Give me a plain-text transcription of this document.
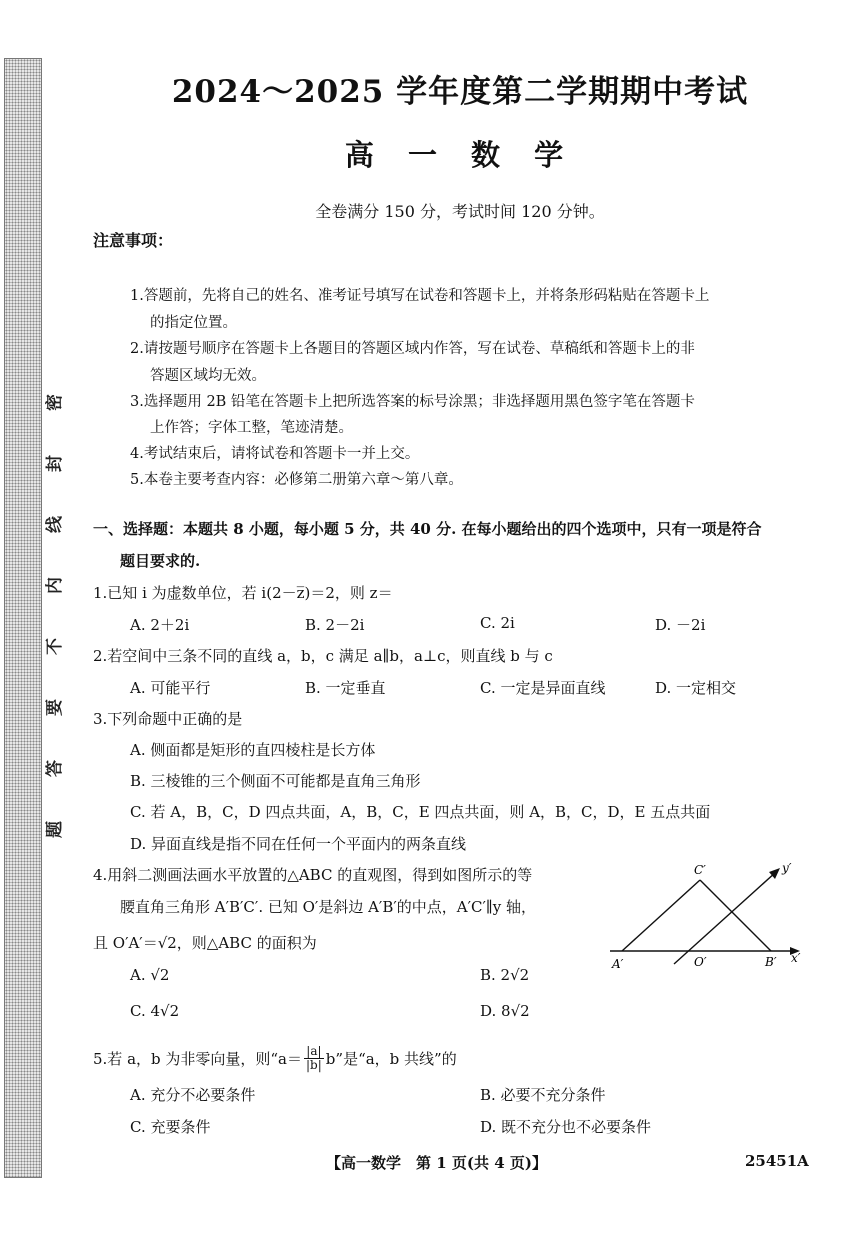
密
封
线
内
不
要
答
题
2024～2025 学年度第二学期期中考试
高 一 数 学
全卷满分 150 分，考试时间 120 分钟。
注意事项：
1.答题前，先将自己的姓名、准考证号填写在试卷和答题卡上，并将条形码粘贴在答题卡上
的指定位置。
2.请按题号顺序在答题卡上各题目的答题区域内作答，写在试卷、草稿纸和答题卡上的非
答题区域均无效。
3.选择题用 2B 铅笔在答题卡上把所选答案的标号涂黑；非选择题用黑色签字笔在答题卡
上作答；字体工整，笔迹清楚。
4.考试结束后，请将试卷和答题卡一并上交。
5.本卷主要考查内容：必修第二册第六章～第八章。
一、选择题：本题共 8 小题，每小题 5 分，共 40 分. 在每小题给出的四个选项中，只有一项是符合
题目要求的.
1.已知 i 为虚数单位，若 i(2－z̅)＝2，则 z＝
A. 2＋2i	B. 2－2i	C. 2i	D. －2i
2.若空间中三条不同的直线 a，b，c 满足 a∥b，a⊥c，则直线 b 与 c
A. 可能平行	B. 一定垂直	C. 一定是异面直线	D. 一定相交
3.下列命题中正确的是
A. 侧面都是矩形的直四棱柱是长方体
B. 三棱锥的三个侧面不可能都是直角三角形
C. 若 A，B，C，D 四点共面，A，B，C，E 四点共面，则 A，B，C，D，E 五点共面
D. 异面直线是指不同在任何一个平面内的两条直线
4.用斜二测画法画水平放置的△ABC 的直观图，得到如图所示的等
腰直角三角形 A′B′C′. 已知 O′是斜边 A′B′的中点，A′C′∥y 轴，
且 O′A′＝√2，则△ABC 的面积为
A. √2	B. 2√2
C. 4√2	D. 8√2
C′	y′
A′	O′	B′ x′
5.若 a，b 为非零向量，则“$a= \frac{|a|}{|b|} b$”是“a，b 共线”的
A. 充分不必要条件	B. 必要不充分条件
C. 充要条件	D. 既不充分也不必要条件
【高一数学　第 1 页(共 4 页)】	25451A
